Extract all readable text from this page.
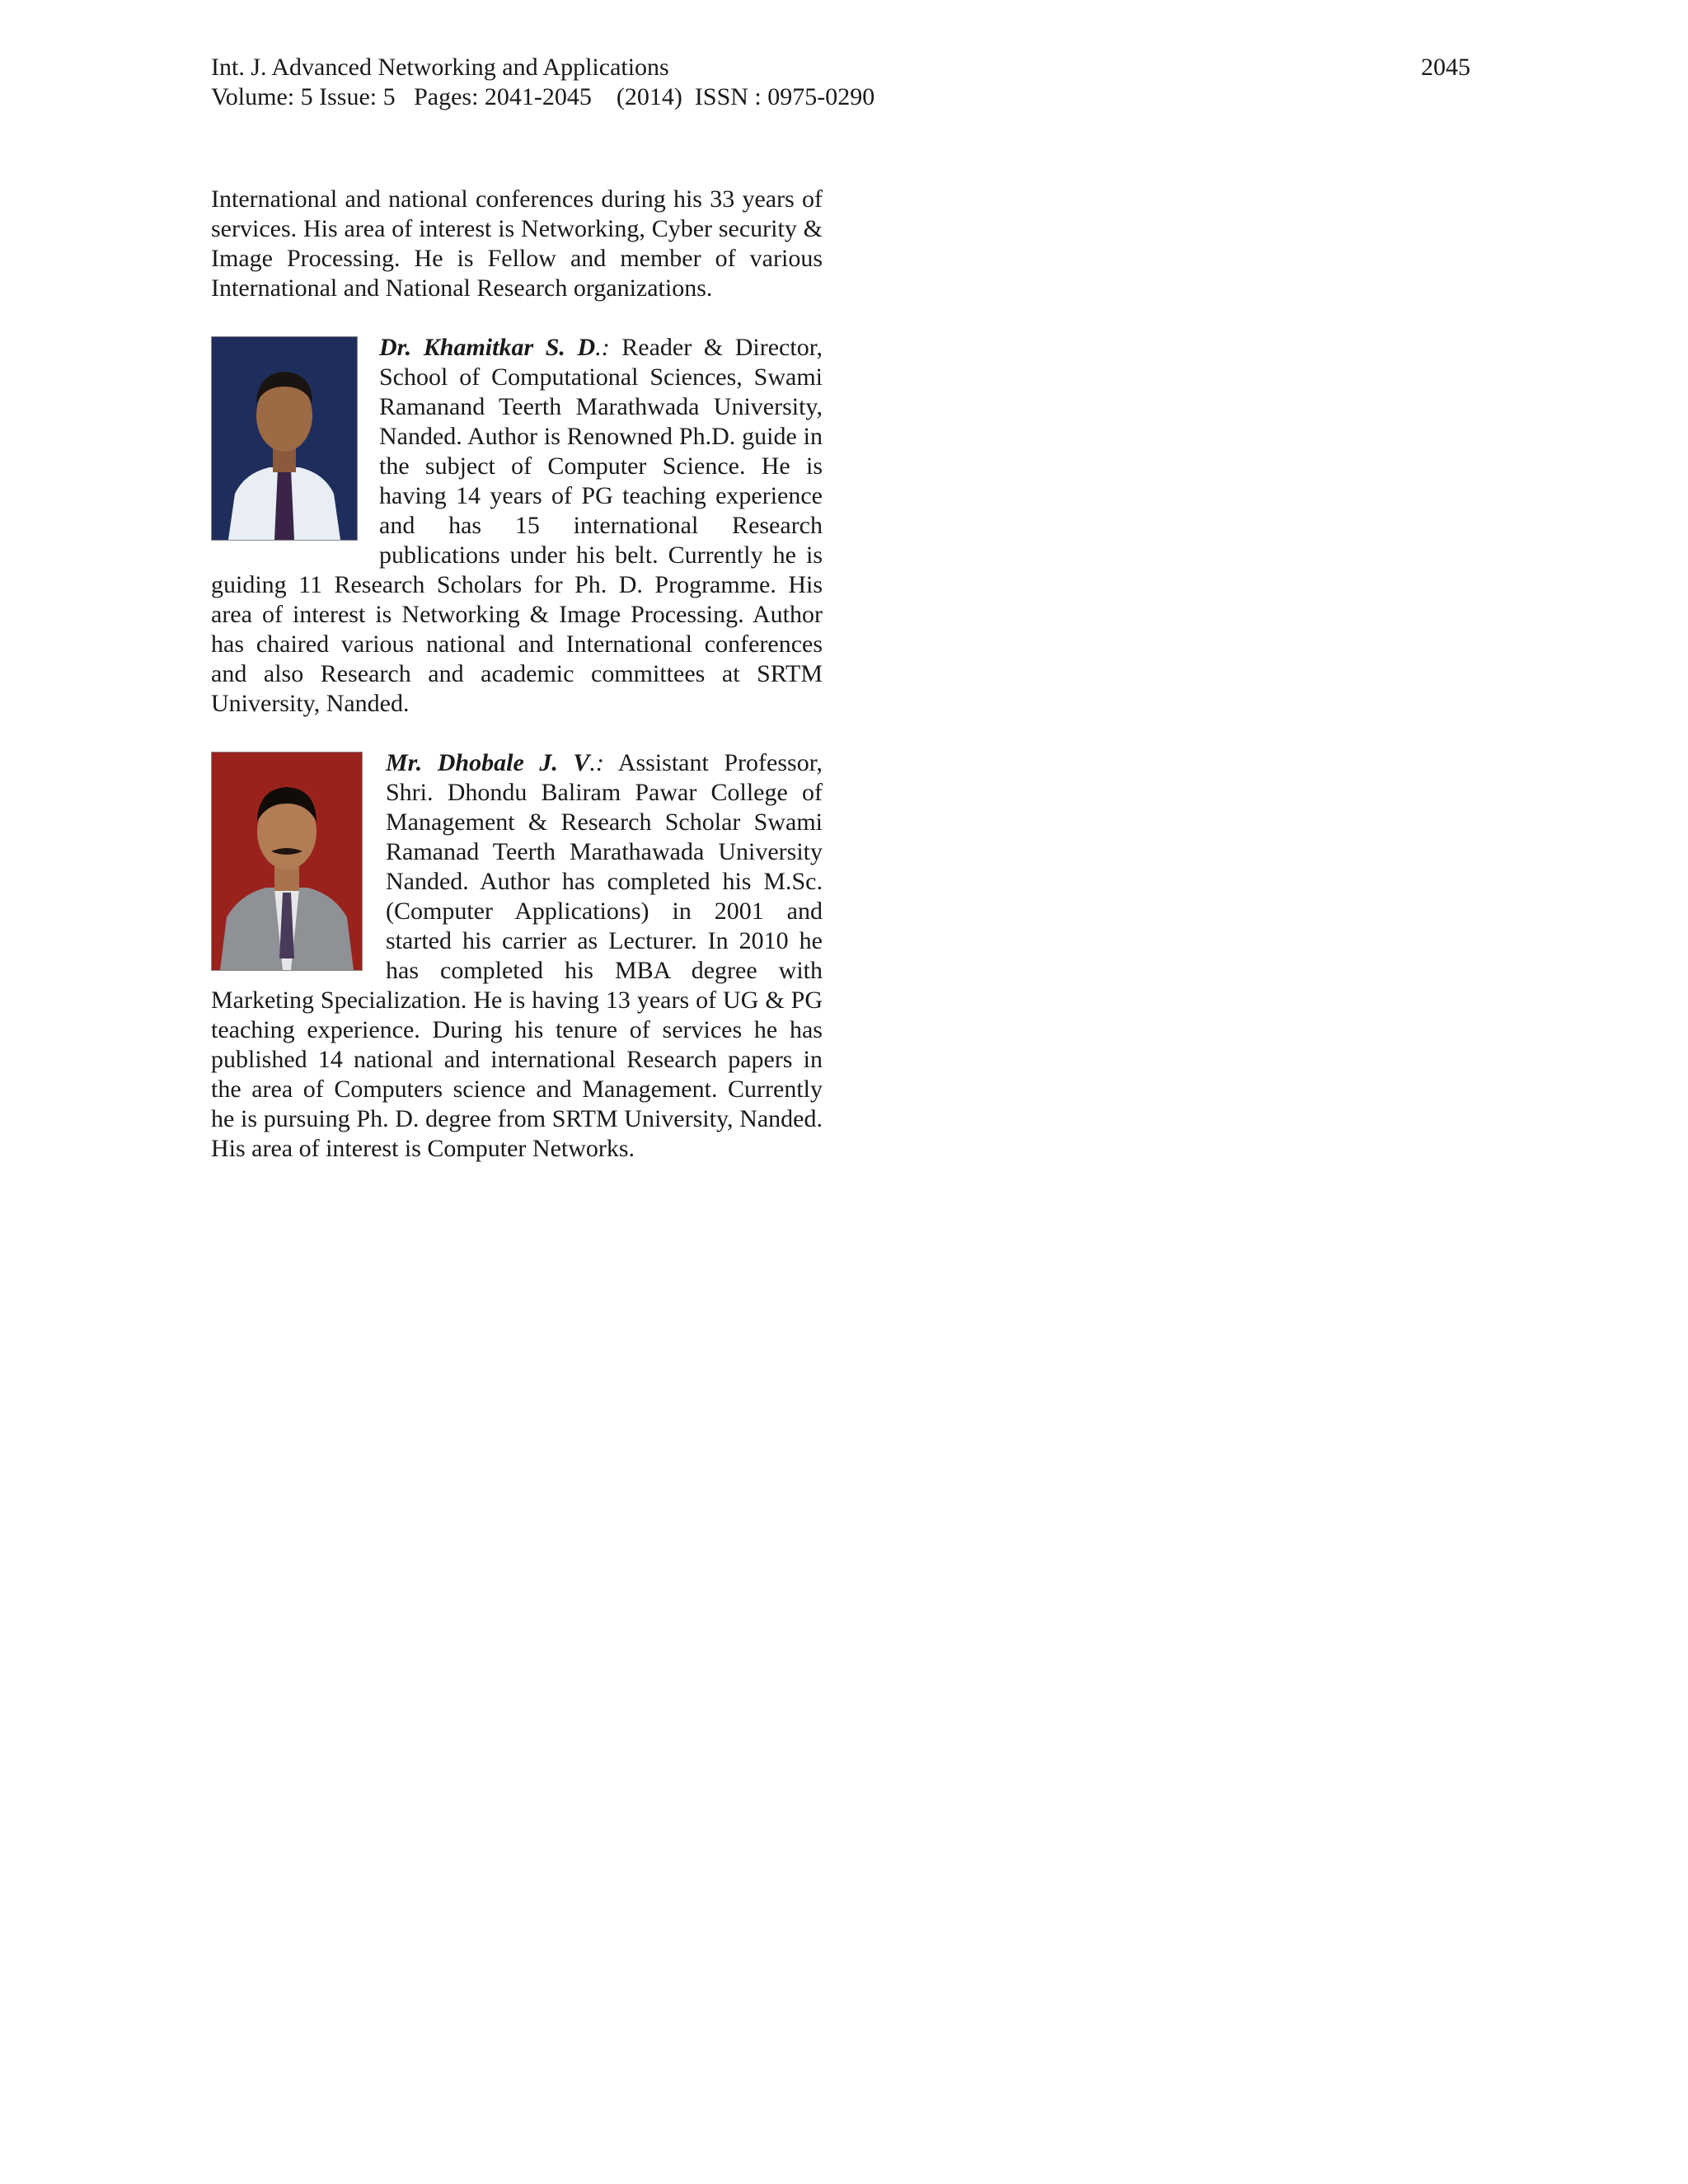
Int. J. Advanced Networking and Applications
Volume: 5 Issue: 5   Pages: 2041-2045    (2014)  ISSN : 0975-0290
2045

International and national conferences during his 33 years of services. His area of interest is Networking, Cyber security & Image Processing. He is Fellow and member of various International and National Research organizations.

Dr. Khamitkar S. D.: Reader & Director, School of Computational Sciences, Swami Ramanand Teerth Marathwada University, Nanded. Author is Renowned Ph.D. guide in the subject of Computer Science. He is having 14 years of PG teaching experience and has 15 international Research publications under his belt. Currently he is guiding 11 Research Scholars for Ph. D. Programme. His area of interest is Networking & Image Processing. Author has chaired various national and International conferences and also Research and academic committees at SRTM University, Nanded.

Mr. Dhobale J. V.: Assistant Professor, Shri. Dhondu Baliram Pawar College of Management & Research Scholar Swami Ramanad Teerth Marathawada University Nanded. Author has completed his M.Sc. (Computer Applications) in 2001 and started his carrier as Lecturer. In 2010 he has completed his MBA degree with Marketing Specialization. He is having 13 years of UG & PG teaching experience. During his tenure of services he has published 14 national and international Research papers in the area of Computers science and Management. Currently he is pursuing Ph. D. degree from SRTM University, Nanded. His area of interest is Computer Networks.
